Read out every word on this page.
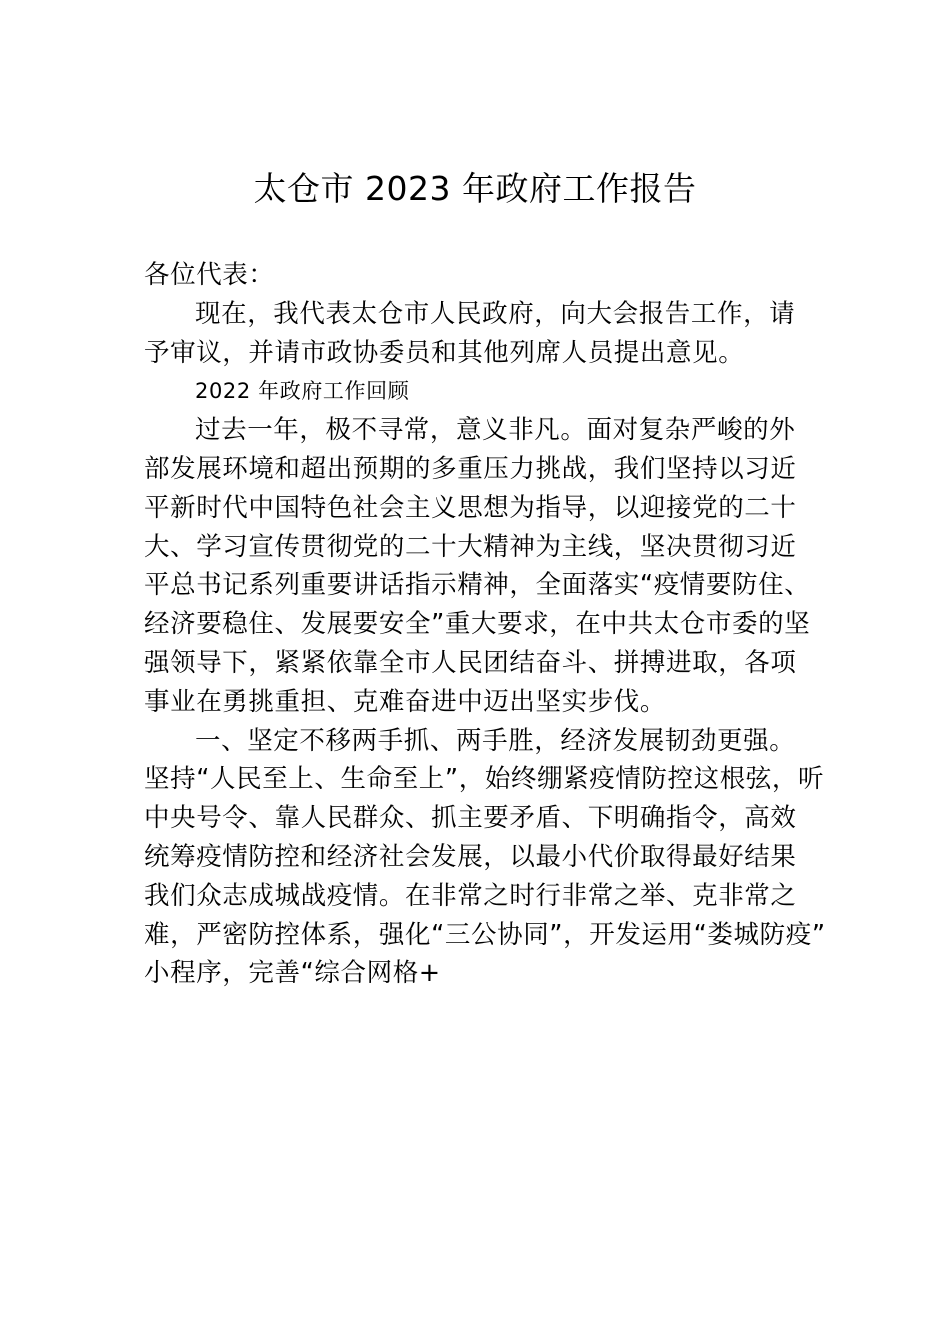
太仓市 2023 年政府工作报告
各位代表：
现在，我代表太仓市人民政府，向大会报告工作，请
予审议，并请市政协委员和其他列席人员提出意见。
2022 年政府工作回顾
过去一年，极不寻常，意义非凡。面对复杂严峻的外
部发展环境和超出预期的多重压力挑战，我们坚持以习近
平新时代中国特色社会主义思想为指导，以迎接党的二十
大、学习宣传贯彻党的二十大精神为主线，坚决贯彻习近
平总书记系列重要讲话指示精神，全面落实“疫情要防住、
经济要稳住、发展要安全”重大要求，在中共太仓市委的坚
强领导下，紧紧依靠全市人民团结奋斗、拼搏进取，各项
事业在勇挑重担、克难奋进中迈出坚实步伐。
一、坚定不移两手抓、两手胜，经济发展韧劲更强。
坚持“人民至上、生命至上”，始终绷紧疫情防控这根弦，听
中央号令、靠人民群众、抓主要矛盾、下明确指令，高效
统筹疫情防控和经济社会发展，以最小代价取得最好结果
我们众志成城战疫情。在非常之时行非常之举、克非常之
难，严密防控体系，强化“三公协同”，开发运用“娄城防疫”
小程序，完善“综合网格+
